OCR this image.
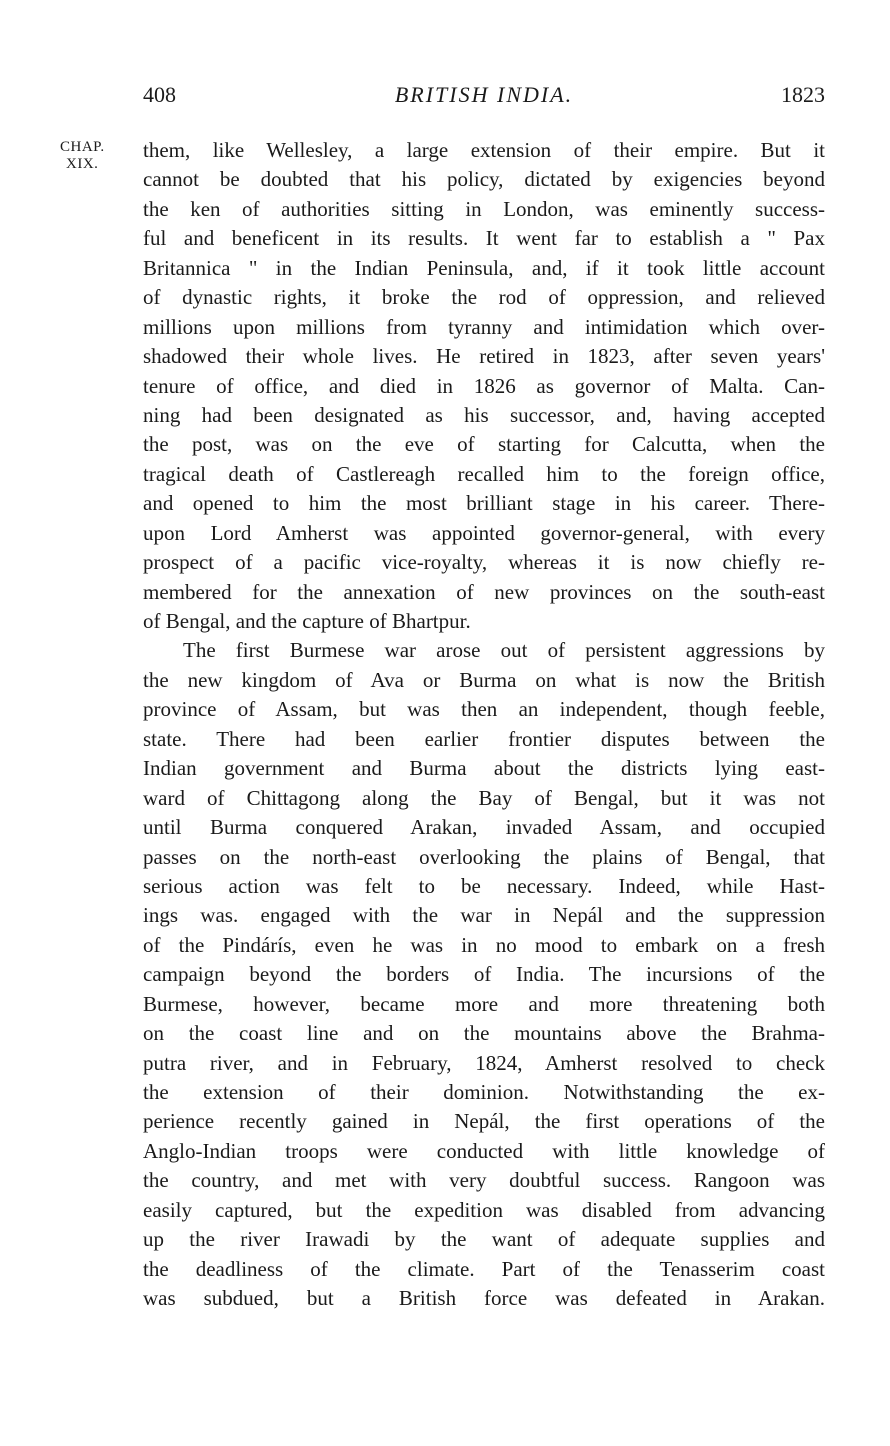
408	BRITISH INDIA.	1823
CHAP.
XIX.
them, like Wellesley, a large extension of their empire. But it
cannot be doubted that his policy, dictated by exigencies beyond
the ken of authorities sitting in London, was eminently success-
ful and beneficent in its results. It went far to establish a " Pax
Britannica " in the Indian Peninsula, and, if it took little account
of dynastic rights, it broke the rod of oppression, and relieved
millions upon millions from tyranny and intimidation which over-
shadowed their whole lives. He retired in 1823, after seven years'
tenure of office, and died in 1826 as governor of Malta. Can-
ning had been designated as his successor, and, having accepted
the post, was on the eve of starting for Calcutta, when the
tragical death of Castlereagh recalled him to the foreign office,
and opened to him the most brilliant stage in his career. There-
upon Lord Amherst was appointed governor-general, with every
prospect of a pacific vice-royalty, whereas it is now chiefly re-
membered for the annexation of new provinces on the south-east
of Bengal, and the capture of Bhartpur.
The first Burmese war arose out of persistent aggressions by
the new kingdom of Ava or Burma on what is now the British
province of Assam, but was then an independent, though feeble,
state. There had been earlier frontier disputes between the
Indian government and Burma about the districts lying east-
ward of Chittagong along the Bay of Bengal, but it was not
until Burma conquered Arakan, invaded Assam, and occupied
passes on the north-east overlooking the plains of Bengal, that
serious action was felt to be necessary. Indeed, while Hast-
ings was. engaged with the war in Nepál and the suppression
of the Pindárís, even he was in no mood to embark on a fresh
campaign beyond the borders of India. The incursions of the
Burmese, however, became more and more threatening both
on the coast line and on the mountains above the Brahma-
putra river, and in February, 1824, Amherst resolved to check
the extension of their dominion. Notwithstanding the ex-
perience recently gained in Nepál, the first operations of the
Anglo-Indian troops were conducted with little knowledge of
the country, and met with very doubtful success. Rangoon was
easily captured, but the expedition was disabled from advancing
up the river Irawadi by the want of adequate supplies and
the deadliness of the climate. Part of the Tenasserim coast
was subdued, but a British force was defeated in Arakan.
